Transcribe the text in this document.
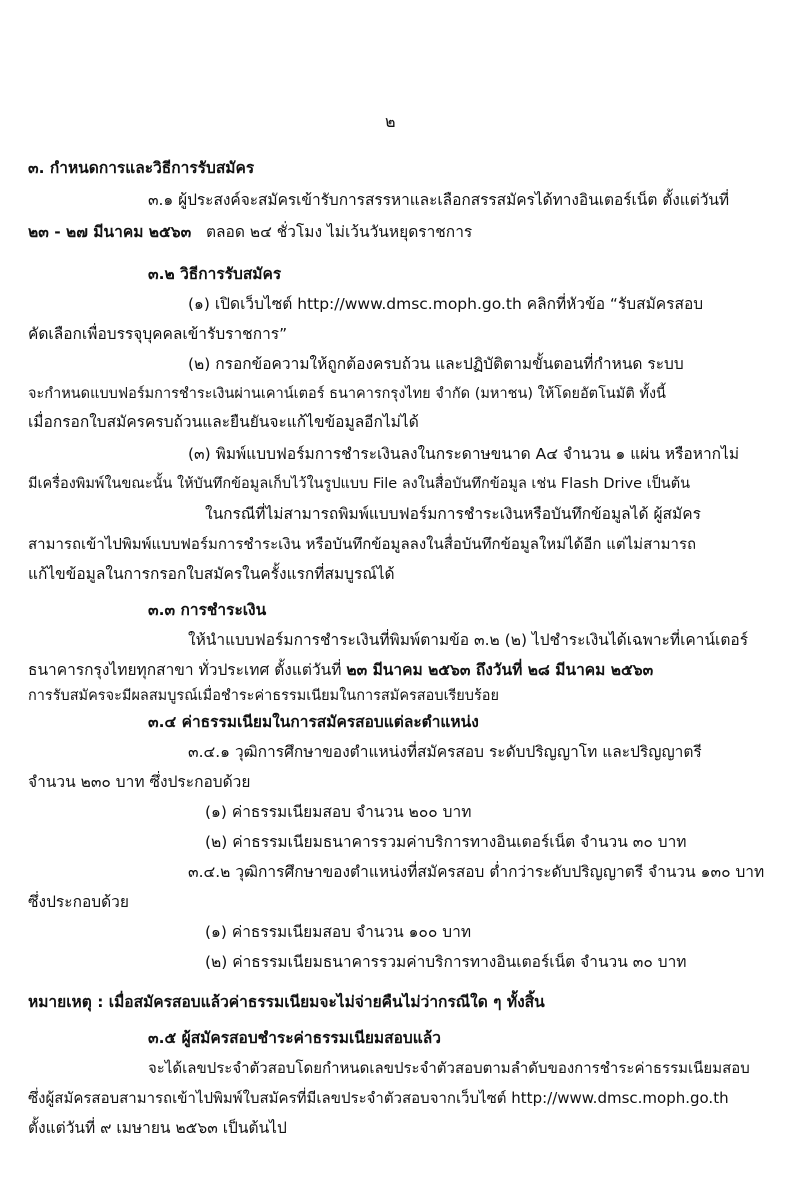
๒
๓. กำหนดการและวิธีการรับสมัคร
๓.๑ ผู้ประสงค์จะสมัครเข้ารับการสรรหาและเลือกสรรสมัครได้ทางอินเตอร์เน็ต ตั้งแต่วันที่
๒๓ - ๒๗ มีนาคม ๒๕๖๓ ตลอด ๒๔ ชั่วโมง ไม่เว้นวันหยุดราชการ
๓.๒ วิธีการรับสมัคร
(๑) เปิดเว็บไซต์ http://www.dmsc.moph.go.th คลิกที่หัวข้อ “รับสมัครสอบ
คัดเลือกเพื่อบรรจุบุคคลเข้ารับราชการ”
(๒) กรอกข้อความให้ถูกต้องครบถ้วน และปฏิบัติตามขั้นตอนที่กำหนด ระบบ
จะกำหนดแบบฟอร์มการชำระเงินผ่านเคาน์เตอร์ ธนาคารกรุงไทย จำกัด (มหาชน) ให้โดยอัตโนมัติ ทั้งนี้
เมื่อกรอกใบสมัครครบถ้วนและยืนยันจะแก้ไขข้อมูลอีกไม่ได้
(๓) พิมพ์แบบฟอร์มการชำระเงินลงในกระดาษขนาด A๔ จำนวน ๑ แผ่น หรือหากไม่
มีเครื่องพิมพ์ในขณะนั้น ให้บันทึกข้อมูลเก็บไว้ในรูปแบบ File ลงในสื่อบันทึกข้อมูล เช่น Flash Drive เป็นต้น
ในกรณีที่ไม่สามารถพิมพ์แบบฟอร์มการชำระเงินหรือบันทึกข้อมูลได้ ผู้สมัคร
สามารถเข้าไปพิมพ์แบบฟอร์มการชำระเงิน หรือบันทึกข้อมูลลงในสื่อบันทึกข้อมูลใหม่ได้อีก แต่ไม่สามารถ
แก้ไขข้อมูลในการกรอกใบสมัครในครั้งแรกที่สมบูรณ์ได้
๓.๓ การชำระเงิน
ให้นำแบบฟอร์มการชำระเงินที่พิมพ์ตามข้อ ๓.๒ (๒) ไปชำระเงินได้เฉพาะที่เคาน์เตอร์
ธนาคารกรุงไทยทุกสาขา ทั่วประเทศ ตั้งแต่วันที่ ๒๓ มีนาคม ๒๕๖๓ ถึงวันที่ ๒๘ มีนาคม ๒๕๖๓
การรับสมัครจะมีผลสมบูรณ์เมื่อชำระค่าธรรมเนียมในการสมัครสอบเรียบร้อย
๓.๔ ค่าธรรมเนียมในการสมัครสอบแต่ละตำแหน่ง
๓.๔.๑ วุฒิการศึกษาของตำแหน่งที่สมัครสอบ ระดับปริญญาโท และปริญญาตรี
จำนวน ๒๓๐ บาท ซึ่งประกอบด้วย
(๑) ค่าธรรมเนียมสอบ จำนวน ๒๐๐ บาท
(๒) ค่าธรรมเนียมธนาคารรวมค่าบริการทางอินเตอร์เน็ต จำนวน ๓๐ บาท
๓.๔.๒ วุฒิการศึกษาของตำแหน่งที่สมัครสอบ ต่ำกว่าระดับปริญญาตรี จำนวน ๑๓๐ บาท
ซึ่งประกอบด้วย
(๑) ค่าธรรมเนียมสอบ จำนวน ๑๐๐ บาท
(๒) ค่าธรรมเนียมธนาคารรวมค่าบริการทางอินเตอร์เน็ต จำนวน ๓๐ บาท
หมายเหตุ : เมื่อสมัครสอบแล้วค่าธรรมเนียมจะไม่จ่ายคืนไม่ว่ากรณีใด ๆ ทั้งสิ้น
๓.๕ ผู้สมัครสอบชำระค่าธรรมเนียมสอบแล้ว
จะได้เลขประจำตัวสอบโดยกำหนดเลขประจำตัวสอบตามลำดับของการชำระค่าธรรมเนียมสอบ
ซึ่งผู้สมัครสอบสามารถเข้าไปพิมพ์ใบสมัครที่มีเลขประจำตัวสอบจากเว็บไซต์ http://www.dmsc.moph.go.th
ตั้งแต่วันที่ ๙ เมษายน ๒๕๖๓ เป็นต้นไป
